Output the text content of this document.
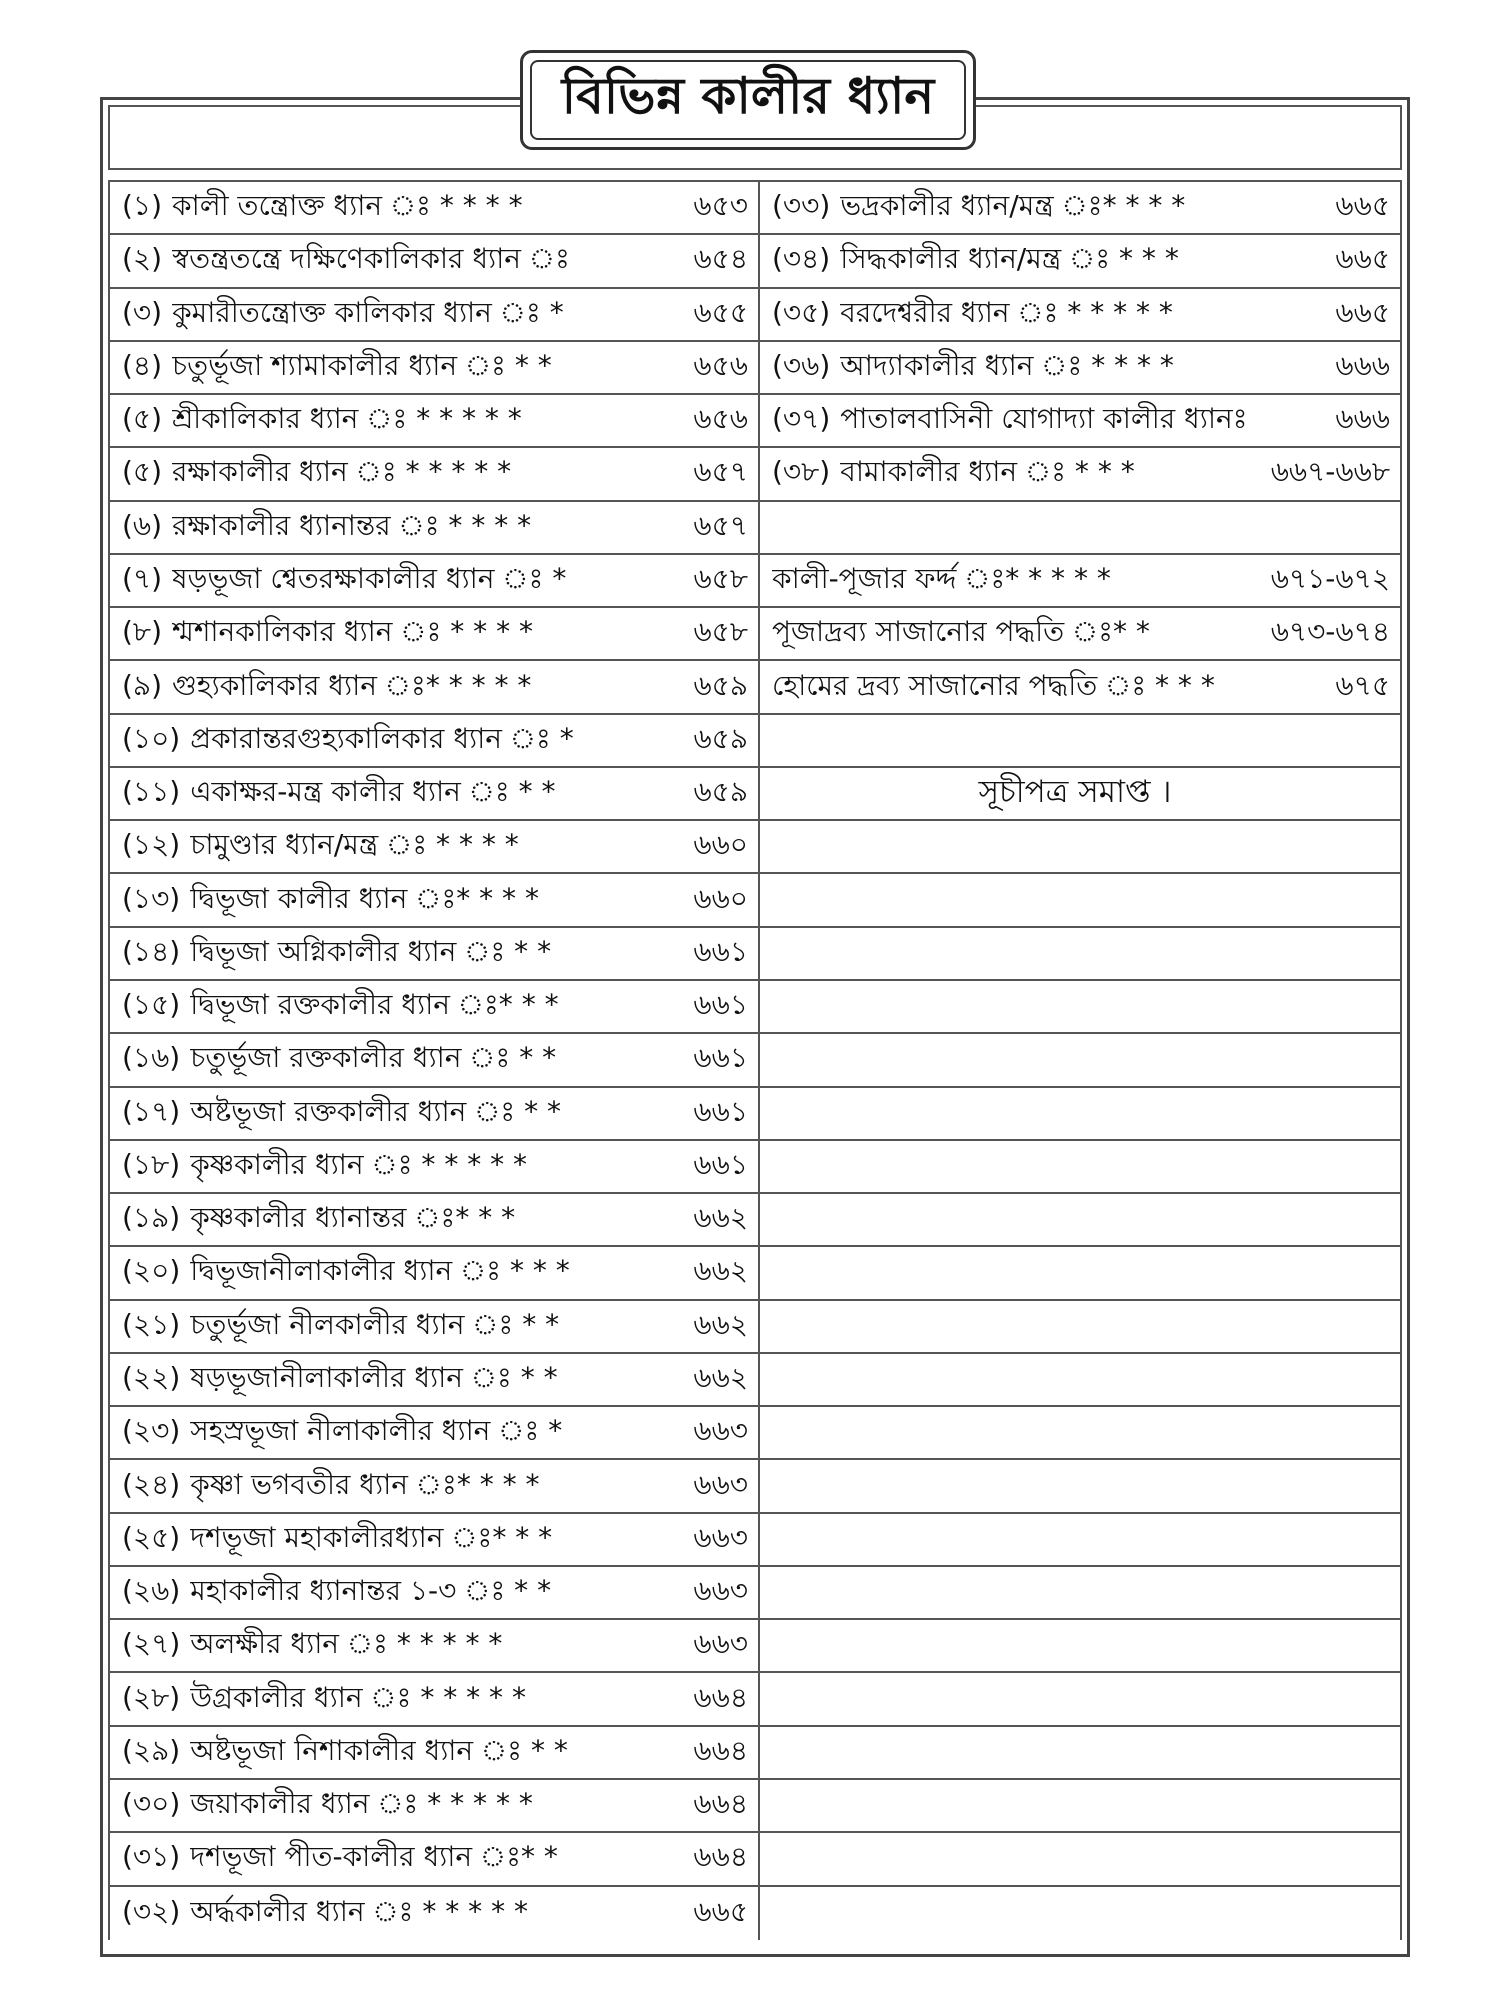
বিভিন্ন কালীর ধ্যান
(১) কালী তন্ত্রোক্ত ধ্যান ঃ * * * *	৬৫৩ (৩৩) ভদ্রকালীর ধ্যান/মন্ত্র ঃ* * * *	৬৬৫
(২) স্বতন্ত্রতন্ত্রে দক্ষিণেকালিকার ধ্যান ঃ	৬৫৪ (৩৪) সিদ্ধকালীর ধ্যান/মন্ত্র ঃ * * *	৬৬৫
(৩) কুমারীতন্ত্রোক্ত কালিকার ধ্যান ঃ *	৬৫৫ (৩৫) বরদেশ্বরীর ধ্যান ঃ * * * * *	৬৬৫
(৪) চতুর্ভূজা শ্যামাকালীর ধ্যান ঃ * *	৬৫৬ (৩৬) আদ্যাকালীর ধ্যান ঃ * * * *	৬৬৬
(৫) শ্রীকালিকার ধ্যান ঃ * * * * *	৬৫৬ (৩৭) পাতালবাসিনী যোগাদ্যা কালীর ধ্যানঃ	৬৬৬
(৫) রক্ষাকালীর ধ্যান ঃ * * * * *	৬৫৭ (৩৮) বামাকালীর ধ্যান ঃ * * *	৬৬৭-৬৬৮
(৬) রক্ষাকালীর ধ্যানান্তর ঃ * * * *	৬৫৭
(৭) ষড়ভূজা শ্বেতরক্ষাকালীর ধ্যান ঃ *	৬৫৮ কালী-পূজার ফর্দ্দ ঃ* * * * *	৬৭১-৬৭২
(৮) শ্মশানকালিকার ধ্যান ঃ * * * *	৬৫৮ পূজাদ্রব্য সাজানোর পদ্ধতি ঃ* *	৬৭৩-৬৭৪
(৯) গুহ্যকালিকার ধ্যান ঃ* * * * *	৬৫৯ হোমের দ্রব্য সাজানোর পদ্ধতি ঃ * * *	৬৭৫
(১০) প্রকারান্তরগুহ্যকালিকার ধ্যান ঃ *	৬৫৯
(১১) একাক্ষর-মন্ত্র কালীর ধ্যান ঃ * *	৬৫৯	সূচীপত্র সমাপ্ত ।
(১২) চামুণ্ডার ধ্যান/মন্ত্র ঃ * * * *	৬৬০
(১৩) দ্বিভূজা কালীর ধ্যান ঃ* * * *	৬৬০
(১৪) দ্বিভূজা অগ্নিকালীর ধ্যান ঃ * *	৬৬১
(১৫) দ্বিভূজা রক্তকালীর ধ্যান ঃ* * *	৬৬১
(১৬) চতুর্ভূজা রক্তকালীর ধ্যান ঃ * *	৬৬১
(১৭) অষ্টভূজা রক্তকালীর ধ্যান ঃ * *	৬৬১
(১৮) কৃষ্ণকালীর ধ্যান ঃ * * * * *	৬৬১
(১৯) কৃষ্ণকালীর ধ্যানান্তর ঃ* * *	৬৬২
(২০) দ্বিভূজানীলাকালীর ধ্যান ঃ * * *	৬৬২
(২১) চতুর্ভূজা নীলকালীর ধ্যান ঃ * *	৬৬২
(২২) ষড়ভূজানীলাকালীর ধ্যান ঃ * *	৬৬২
(২৩) সহস্রভূজা নীলাকালীর ধ্যান ঃ *	৬৬৩
(২৪) কৃষ্ণা ভগবতীর ধ্যান ঃ* * * *	৬৬৩
(২৫) দশভূজা মহাকালীরধ্যান ঃ* * *	৬৬৩
(২৬) মহাকালীর ধ্যানান্তর ১-৩ ঃ * *	৬৬৩
(২৭) অলক্ষীর ধ্যান ঃ * * * * *	৬৬৩
(২৮) উগ্রকালীর ধ্যান ঃ * * * * *	৬৬৪
(২৯) অষ্টভূজা নিশাকালীর ধ্যান ঃ * *	৬৬৪
(৩০) জয়াকালীর ধ্যান ঃ * * * * *	৬৬৪
(৩১) দশভূজা পীত-কালীর ধ্যান ঃ* *	৬৬৪
(৩২) অর্দ্ধকালীর ধ্যান ঃ * * * * *	৬৬৫
